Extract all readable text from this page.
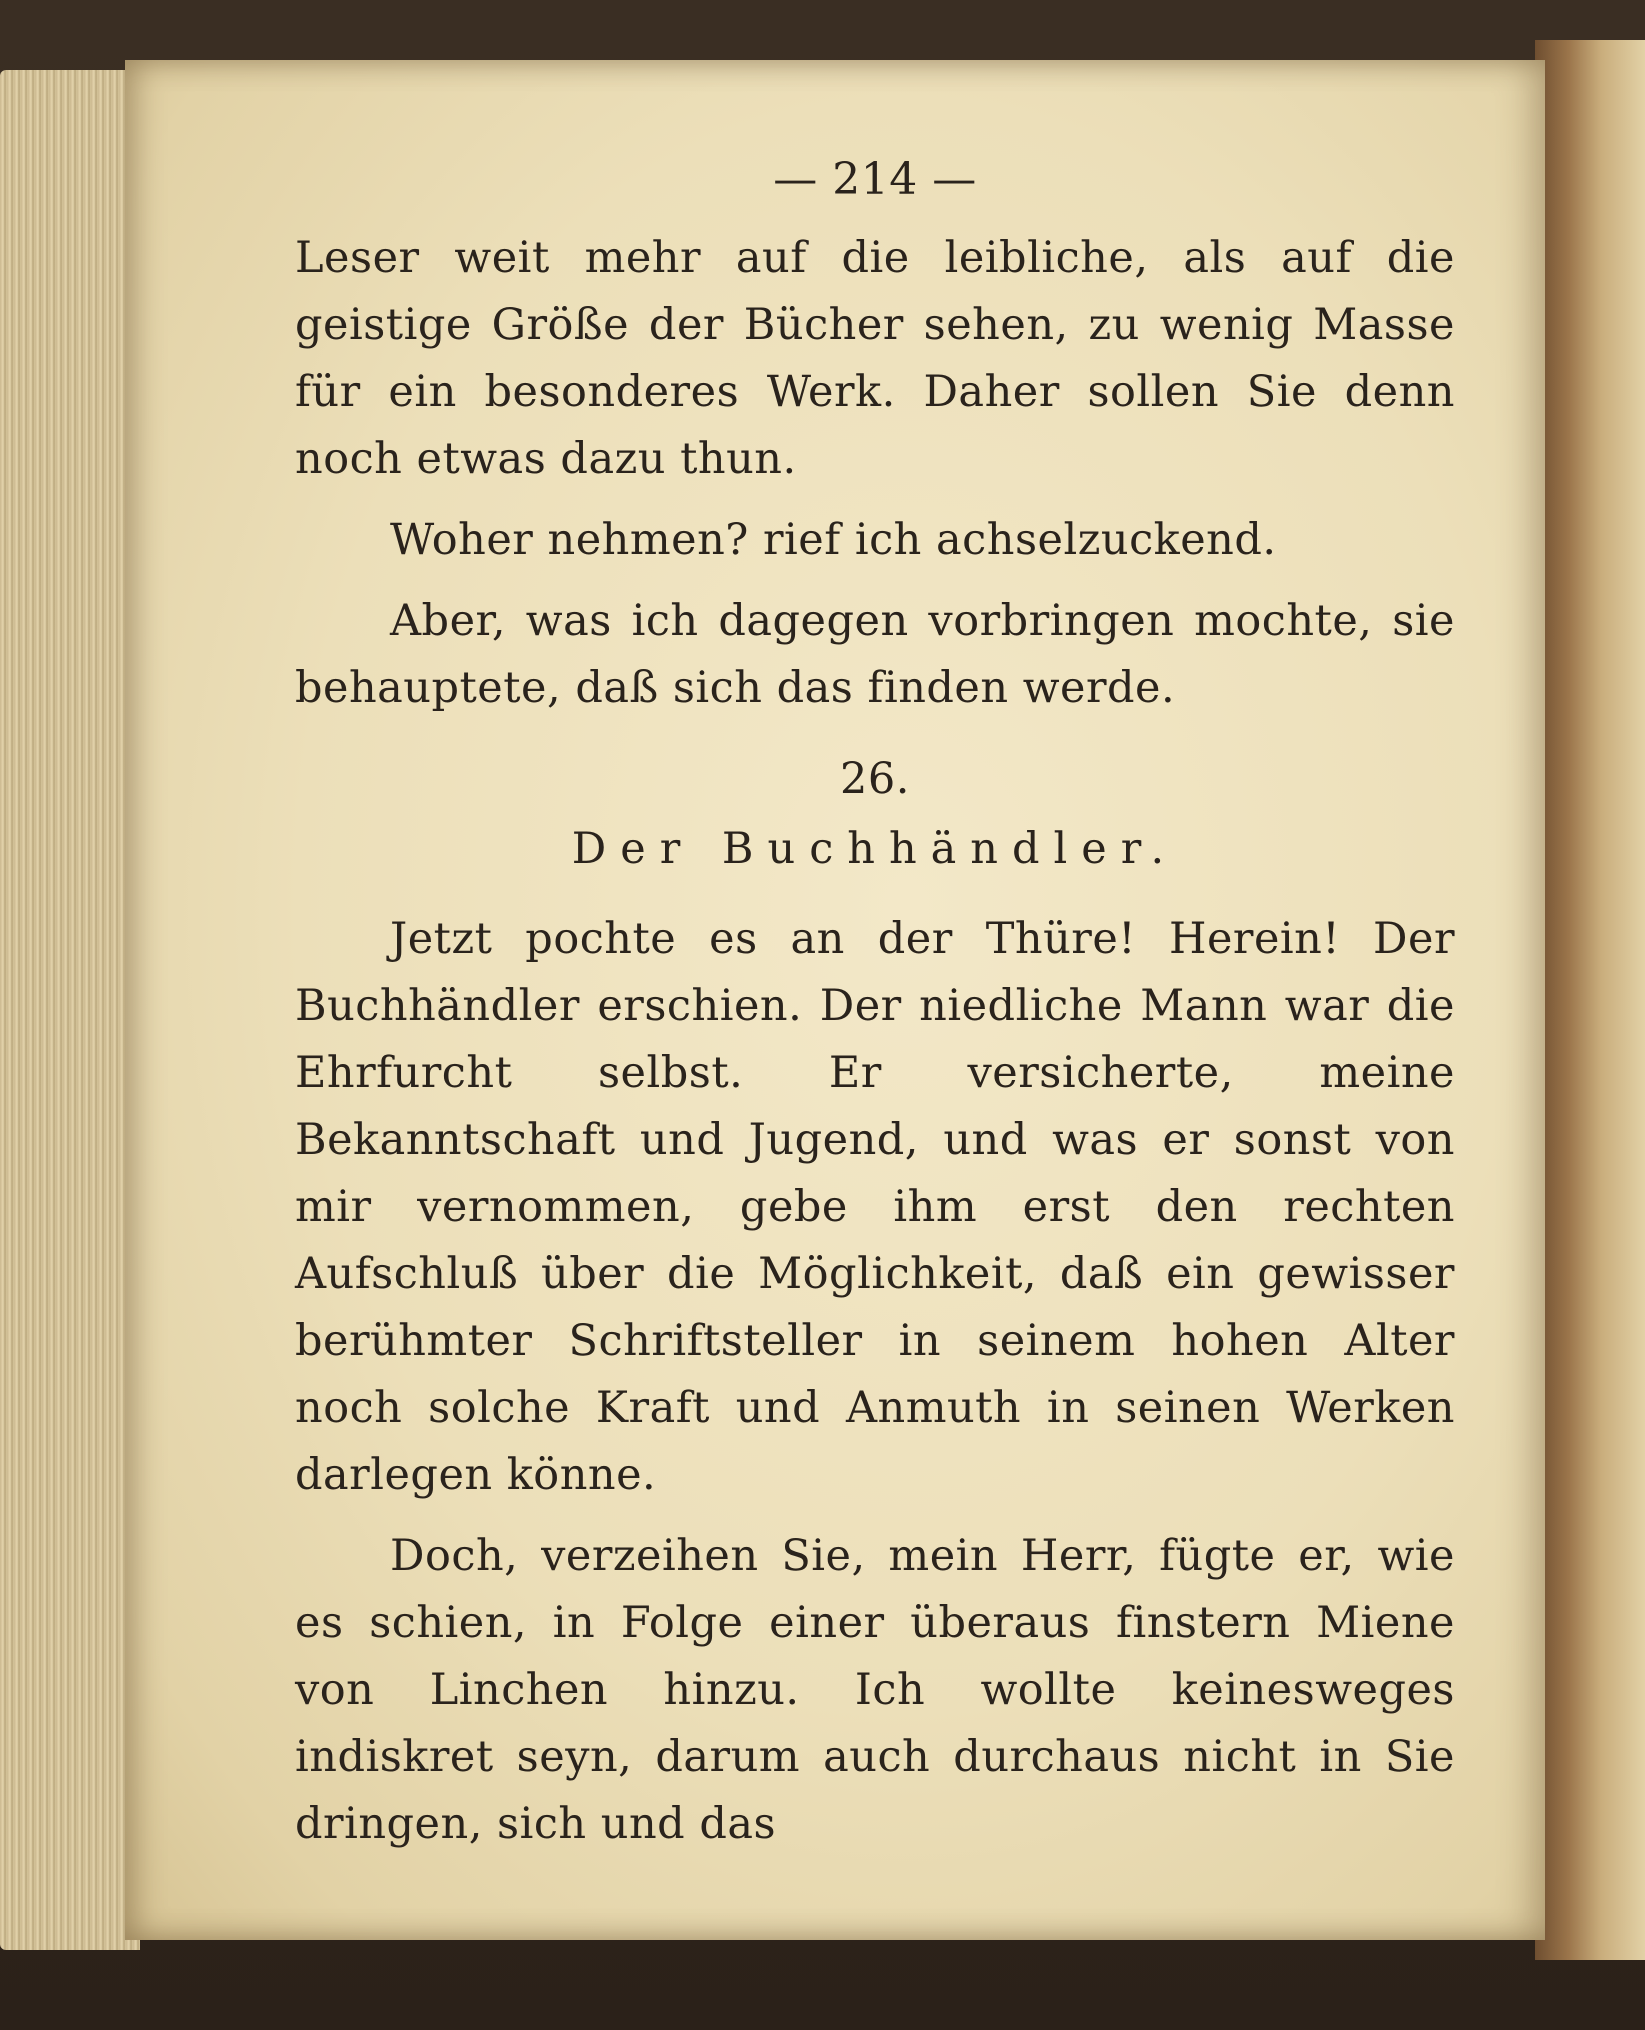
— 214 —

Leser weit mehr auf die leibliche, als auf die geistige Größe der Bücher sehen, zu wenig Masse für ein besonderes Werk. Daher sollen Sie denn noch etwas dazu thun.

Woher nehmen? rief ich achselzuckend.

Aber, was ich dagegen vorbringen mochte, sie behauptete, daß sich das finden werde.

26.
Der Buchhändler.

Jetzt pochte es an der Thüre! Herein! Der Buchhändler erschien. Der niedliche Mann war die Ehrfurcht selbst. Er versicherte, meine Bekanntschaft und Jugend, und was er sonst von mir vernommen, gebe ihm erst den rechten Aufschluß über die Möglichkeit, daß ein gewisser berühmter Schriftsteller in seinem hohen Alter noch solche Kraft und Anmuth in seinen Werken darlegen könne.

Doch, verzeihen Sie, mein Herr, fügte er, wie es schien, in Folge einer überaus finstern Miene von Linchen hinzu. Ich wollte keinesweges indiskret seyn, darum auch durchaus nicht in Sie dringen, sich und das
